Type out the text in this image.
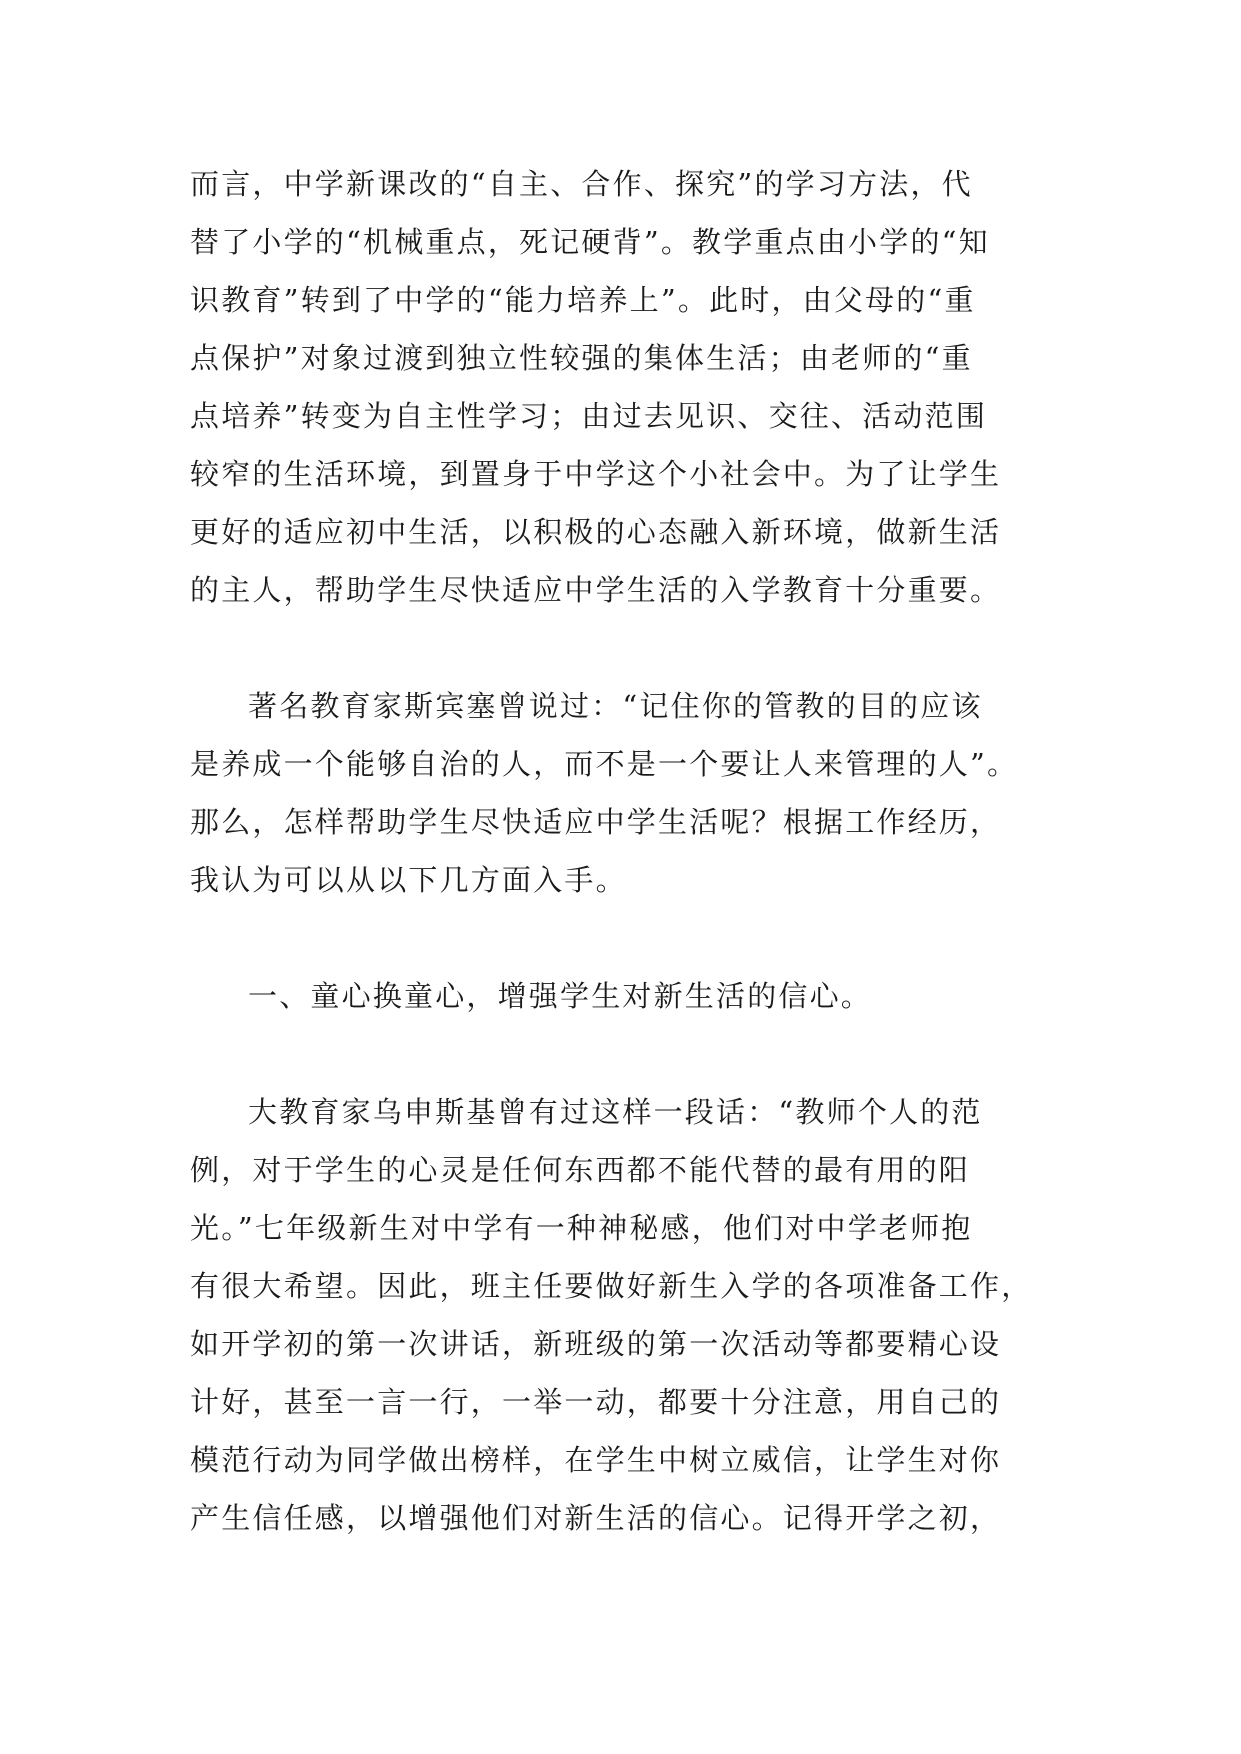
而言，中学新课改的“自主、合作、探究”的学习方法，代
替了小学的“机械重点，死记硬背”。教学重点由小学的“知
识教育”转到了中学的“能力培养上”。此时，由父母的“重
点保护”对象过渡到独立性较强的集体生活；由老师的“重
点培养”转变为自主性学习；由过去见识、交往、活动范围
较窄的生活环境，到置身于中学这个小社会中。为了让学生
更好的适应初中生活，以积极的心态融入新环境，做新生活
的主人，帮助学生尽快适应中学生活的入学教育十分重要。
著名教育家斯宾塞曾说过：“记住你的管教的目的应该
是养成一个能够自治的人，而不是一个要让人来管理的人”。
那么，怎样帮助学生尽快适应中学生活呢？根据工作经历，
我认为可以从以下几方面入手。
一、童心换童心，增强学生对新生活的信心。
大教育家乌申斯基曾有过这样一段话：“教师个人的范
例，对于学生的心灵是任何东西都不能代替的最有用的阳
光。”七年级新生对中学有一种神秘感，他们对中学老师抱
有很大希望。因此，班主任要做好新生入学的各项准备工作，
如开学初的第一次讲话，新班级的第一次活动等都要精心设
计好，甚至一言一行，一举一动，都要十分注意，用自己的
模范行动为同学做出榜样，在学生中树立威信，让学生对你
产生信任感，以增强他们对新生活的信心。记得开学之初，
